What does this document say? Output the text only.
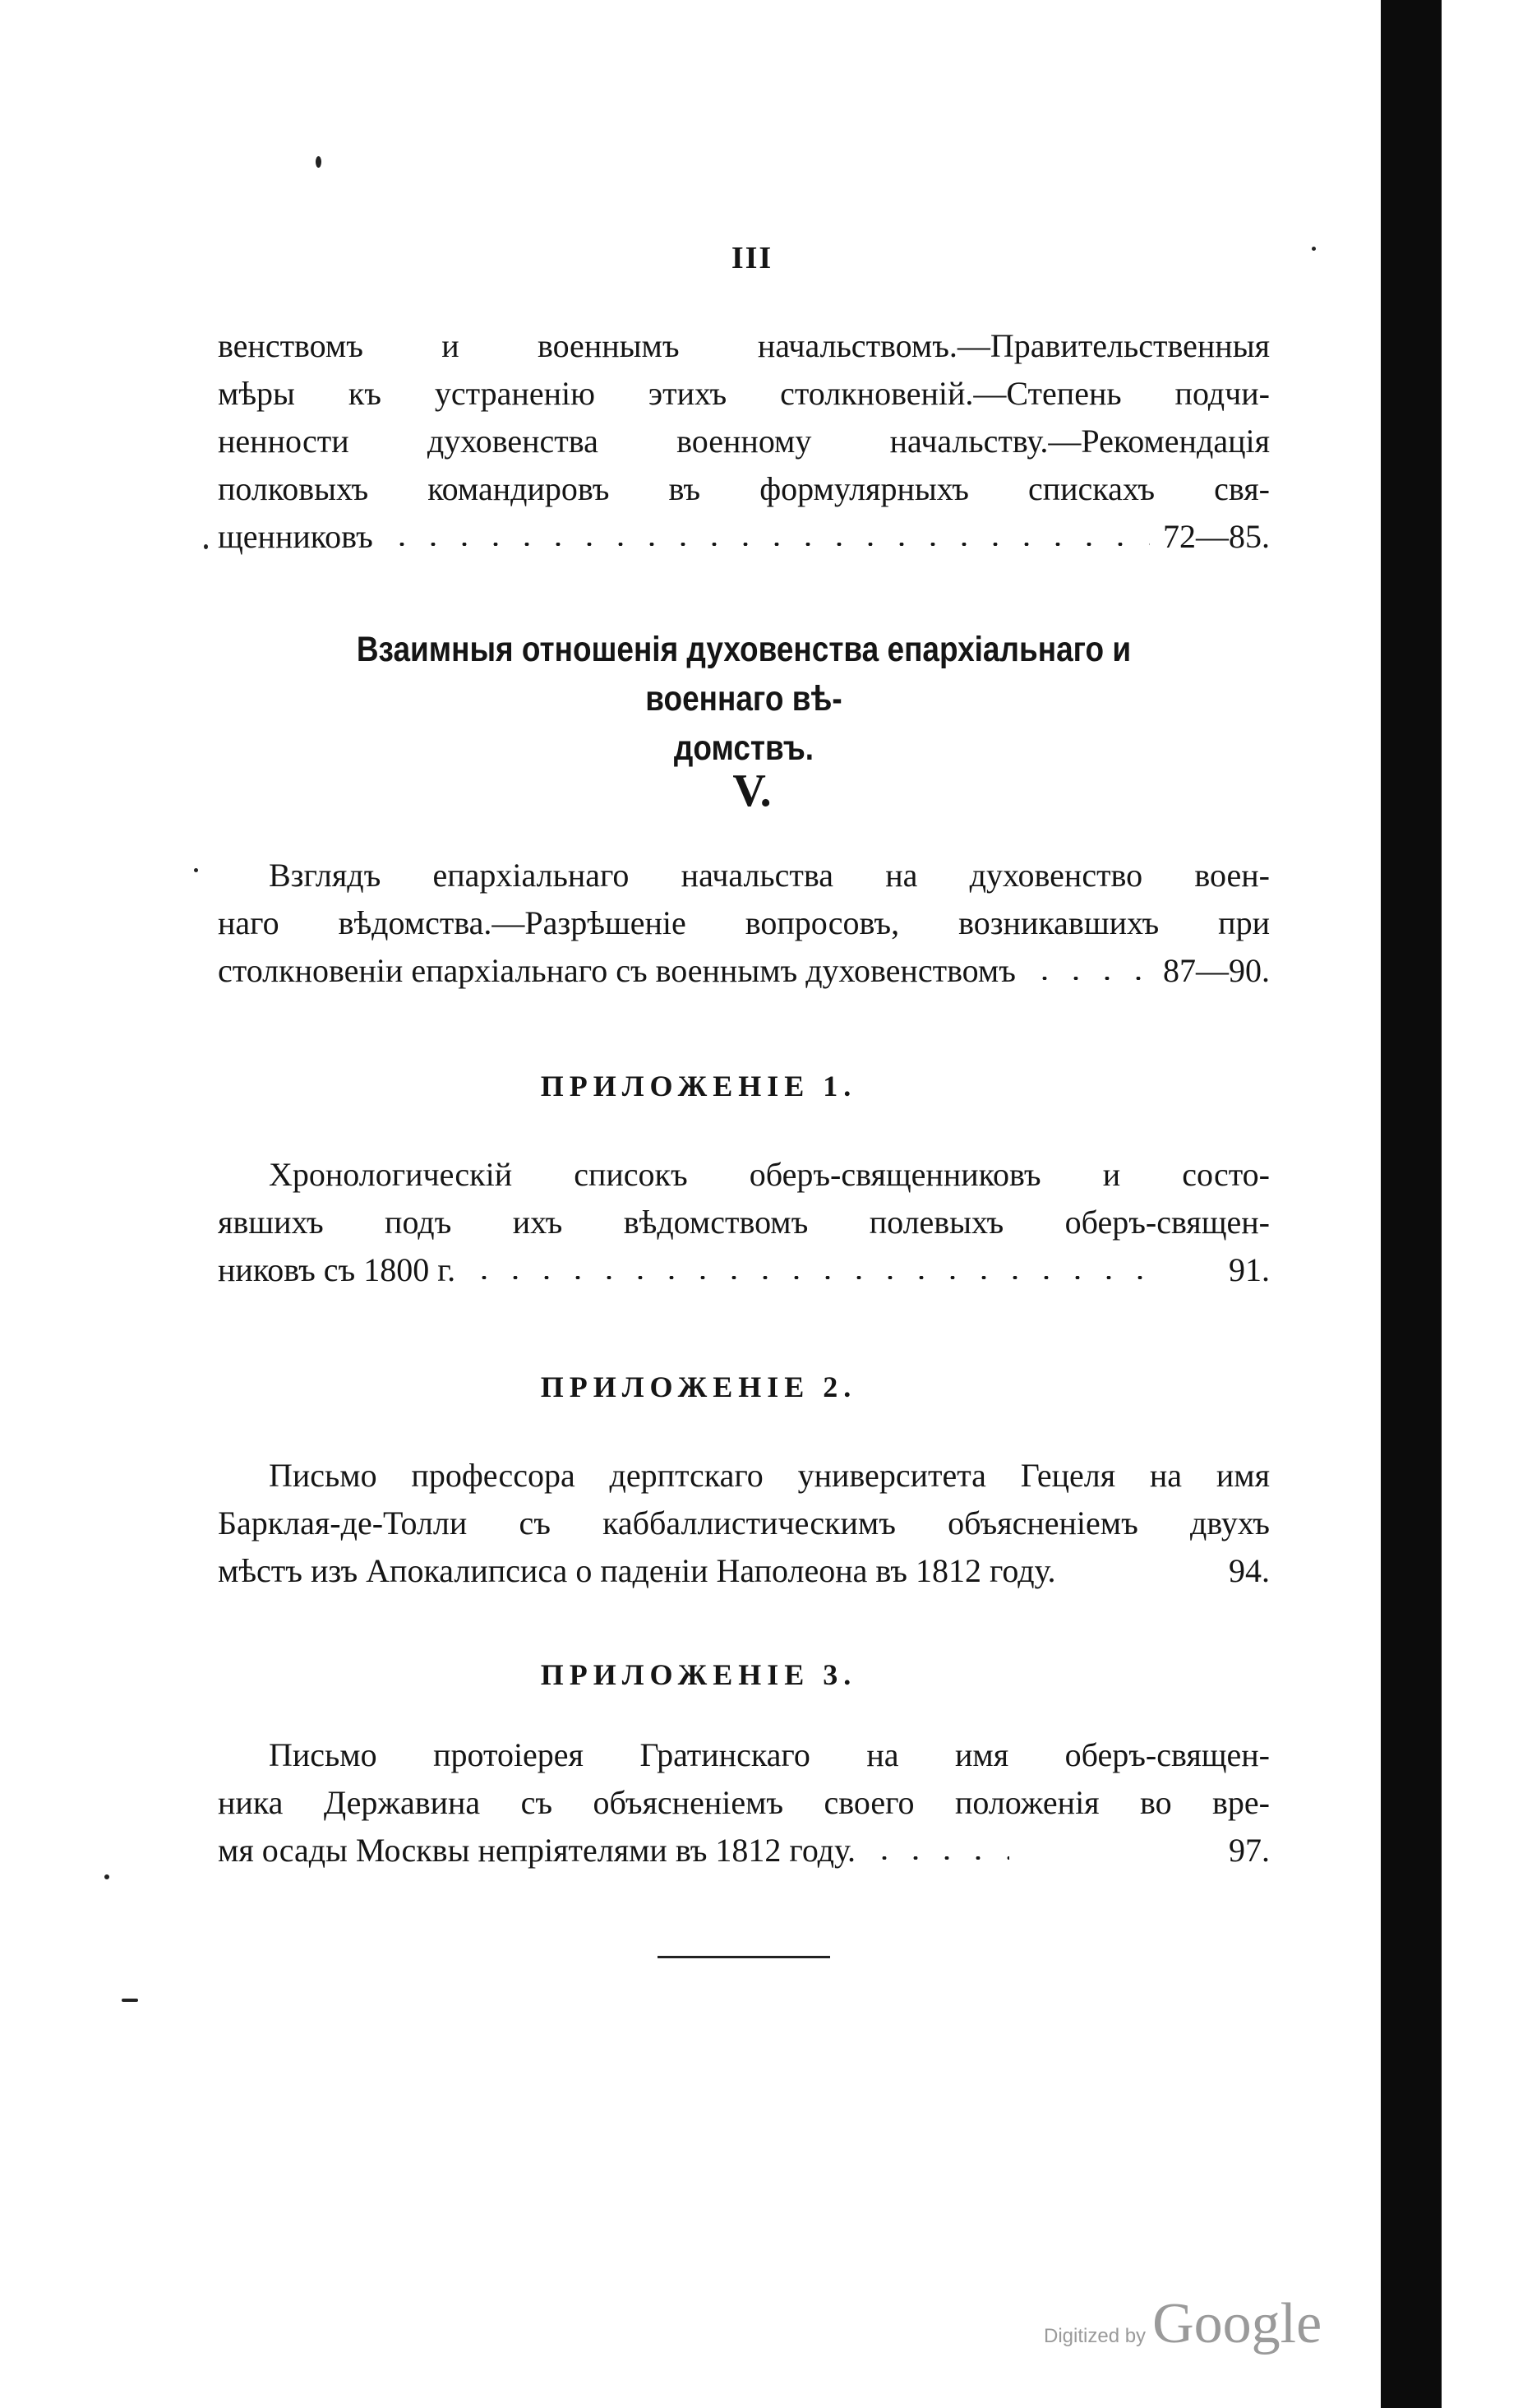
III
венствомъ и военнымъ начальствомъ.—Правительственныя
мѣры къ устраненію этихъ столкновеній.—Степень подчи-
ненности духовенства военному начальству.—Рекомендація
полковыхъ командировъ въ формулярныхъ спискахъ свя-
щенниковъ	72—85.
Взаимныя отношенія духовенства епархіальнаго и военнаго вѣ-
домствъ.
V.
Взглядъ епархіальнаго начальства на духовенство воен-
наго вѣдомства.—Разрѣшеніе вопросовъ, возникавшихъ при
столкновеніи епархіальнаго съ военнымъ духовенствомъ	87—90.
ПРИЛОЖЕНІЕ 1.
Хронологическій списокъ оберъ-священниковъ и состо-
явшихъ подъ ихъ вѣдомствомъ полевыхъ оберъ-священ-
никовъ съ 1800 г.	91.
ПРИЛОЖЕНІЕ 2.
Письмо профессора дерптскаго университета Гецеля на имя
Барклая-де-Толли съ каббаллистическимъ объясненіемъ двухъ
мѣстъ изъ Апокалипсиса о паденіи Наполеона въ 1812 году.	94.
ПРИЛОЖЕНІЕ 3.
Письмо протоіерея Гратинскаго на имя оберъ-священ-
ника Державина съ объясненіемъ своего положенія во вре-
мя осады Москвы непріятелями въ 1812 году.	97.
Digitized by Google
